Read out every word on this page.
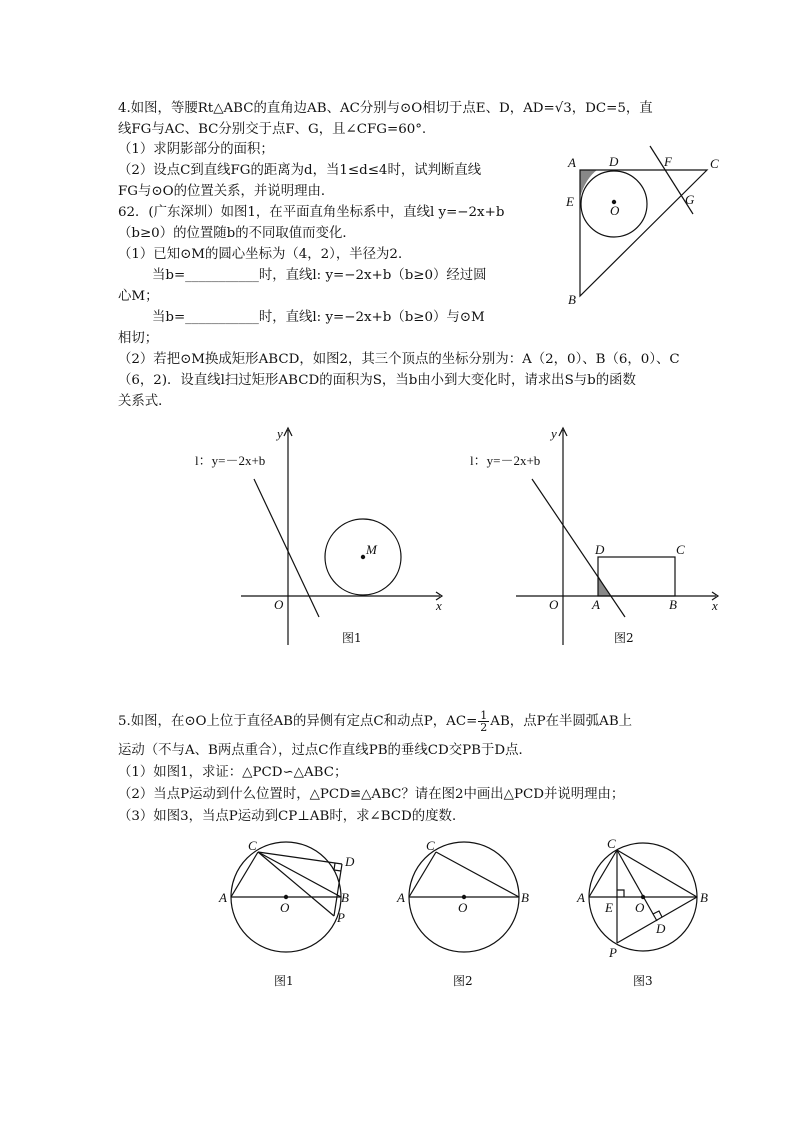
4.如图，等腰Rt△ABC的直角边AB、AC分别与⊙O相切于点E、D，AD=√3，DC=5，直
线FG与AC、BC分别交于点F、G，且∠CFG=60°.
（1）求阴影部分的面积；
（2）设点C到直线FG的距离为d，当1≤d≤4时，试判断直线
FG与⊙O的位置关系，并说明理由．
62．(广东深圳）如图1，在平面直角坐标系中，直线l y=−2x+b
（b≥0）的位置随b的不同取值而变化．
（1）已知⊙M的圆心坐标为（4，2），半径为2．
当b=___________时，直线l: y=−2x+b（b≥0）经过圆
心M；
当b=___________时，直线l: y=−2x+b（b≥0）与⊙M
相切；
（2）若把⊙M换成矩形ABCD，如图2，其三个顶点的坐标分别为：A（2，0）、B（6，0）、C
（6，2)．设直线l扫过矩形ABCD的面积为S，当b由小到大变化时，请求出S与b的函数
关系式．
5.如图，在⊙O上位于直径AB的异侧有定点C和动点P，$AC= \frac{1}{2}$ AB，点P在半圆弧AB上
运动（不与A、B两点重合），过点C作直线PB的垂线CD交PB于D点．
（1）如图1，求证：△PCD∽△ABC；
（2）当点P运动到什么位置时，△PCD≌△ABC？请在图2中画出△PCD并说明理由；
（3）如图3，当点P运动到CP⊥AB时，求∠BCD的度数．
A	D	F	C
E
O
G
B
l：y=－2x+b
y
x
O
M
l：y=－2x+b
y
x
O	A	B
C
D
C
D
A	B
O
P
C
A	B
O
C
A	B
E O
D
P
图1	图2
图1	图2	图3
